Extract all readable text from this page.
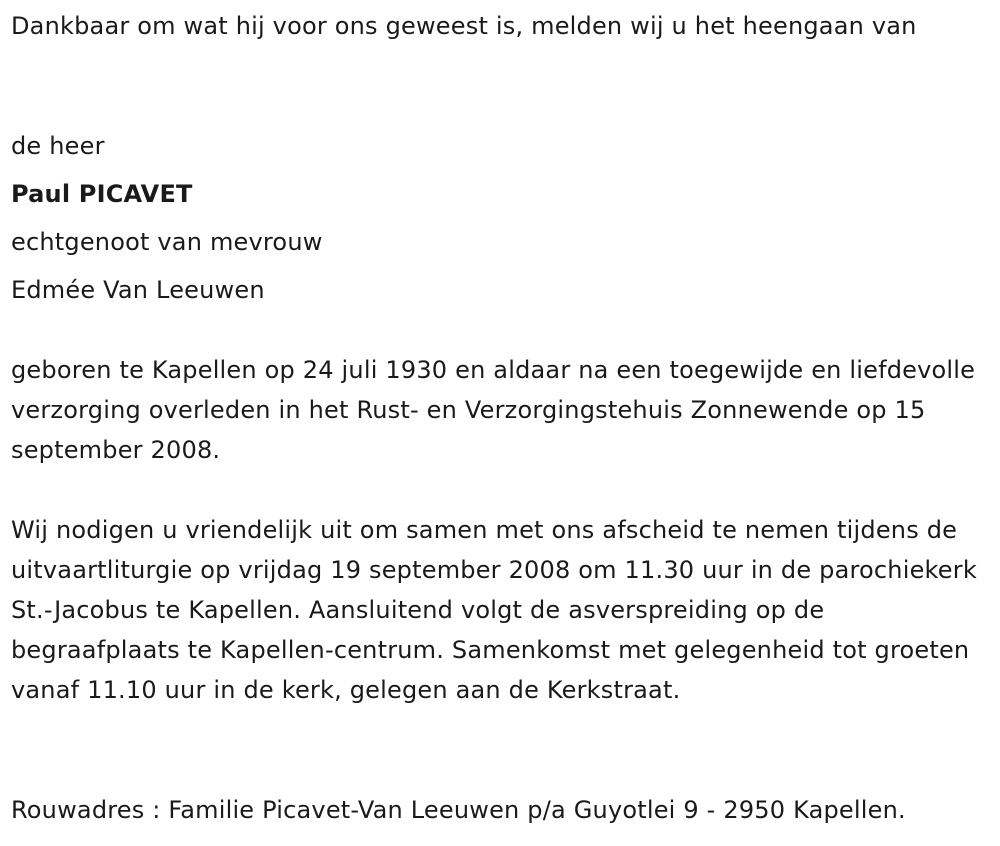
Dankbaar om wat hij voor ons geweest is, melden wij u het heengaan van
de heer
Paul PICAVET
echtgenoot van mevrouw
Edmée Van Leeuwen
geboren te Kapellen op 24 juli 1930 en aldaar na een toegewijde en liefdevolle verzorging overleden in het Rust- en Verzorgingstehuis Zonnewende op 15 september 2008.
Wij nodigen u vriendelijk uit om samen met ons afscheid te nemen tijdens de uitvaartliturgie op vrijdag 19 september 2008 om 11.30 uur in de parochiekerk St.-Jacobus te Kapellen. Aansluitend volgt de asverspreiding op de begraafplaats te Kapellen-centrum. Samenkomst met gelegenheid tot groeten vanaf 11.10 uur in de kerk, gelegen aan de Kerkstraat.
Rouwadres : Familie Picavet-Van Leeuwen p/a Guyotlei 9 - 2950 Kapellen.
